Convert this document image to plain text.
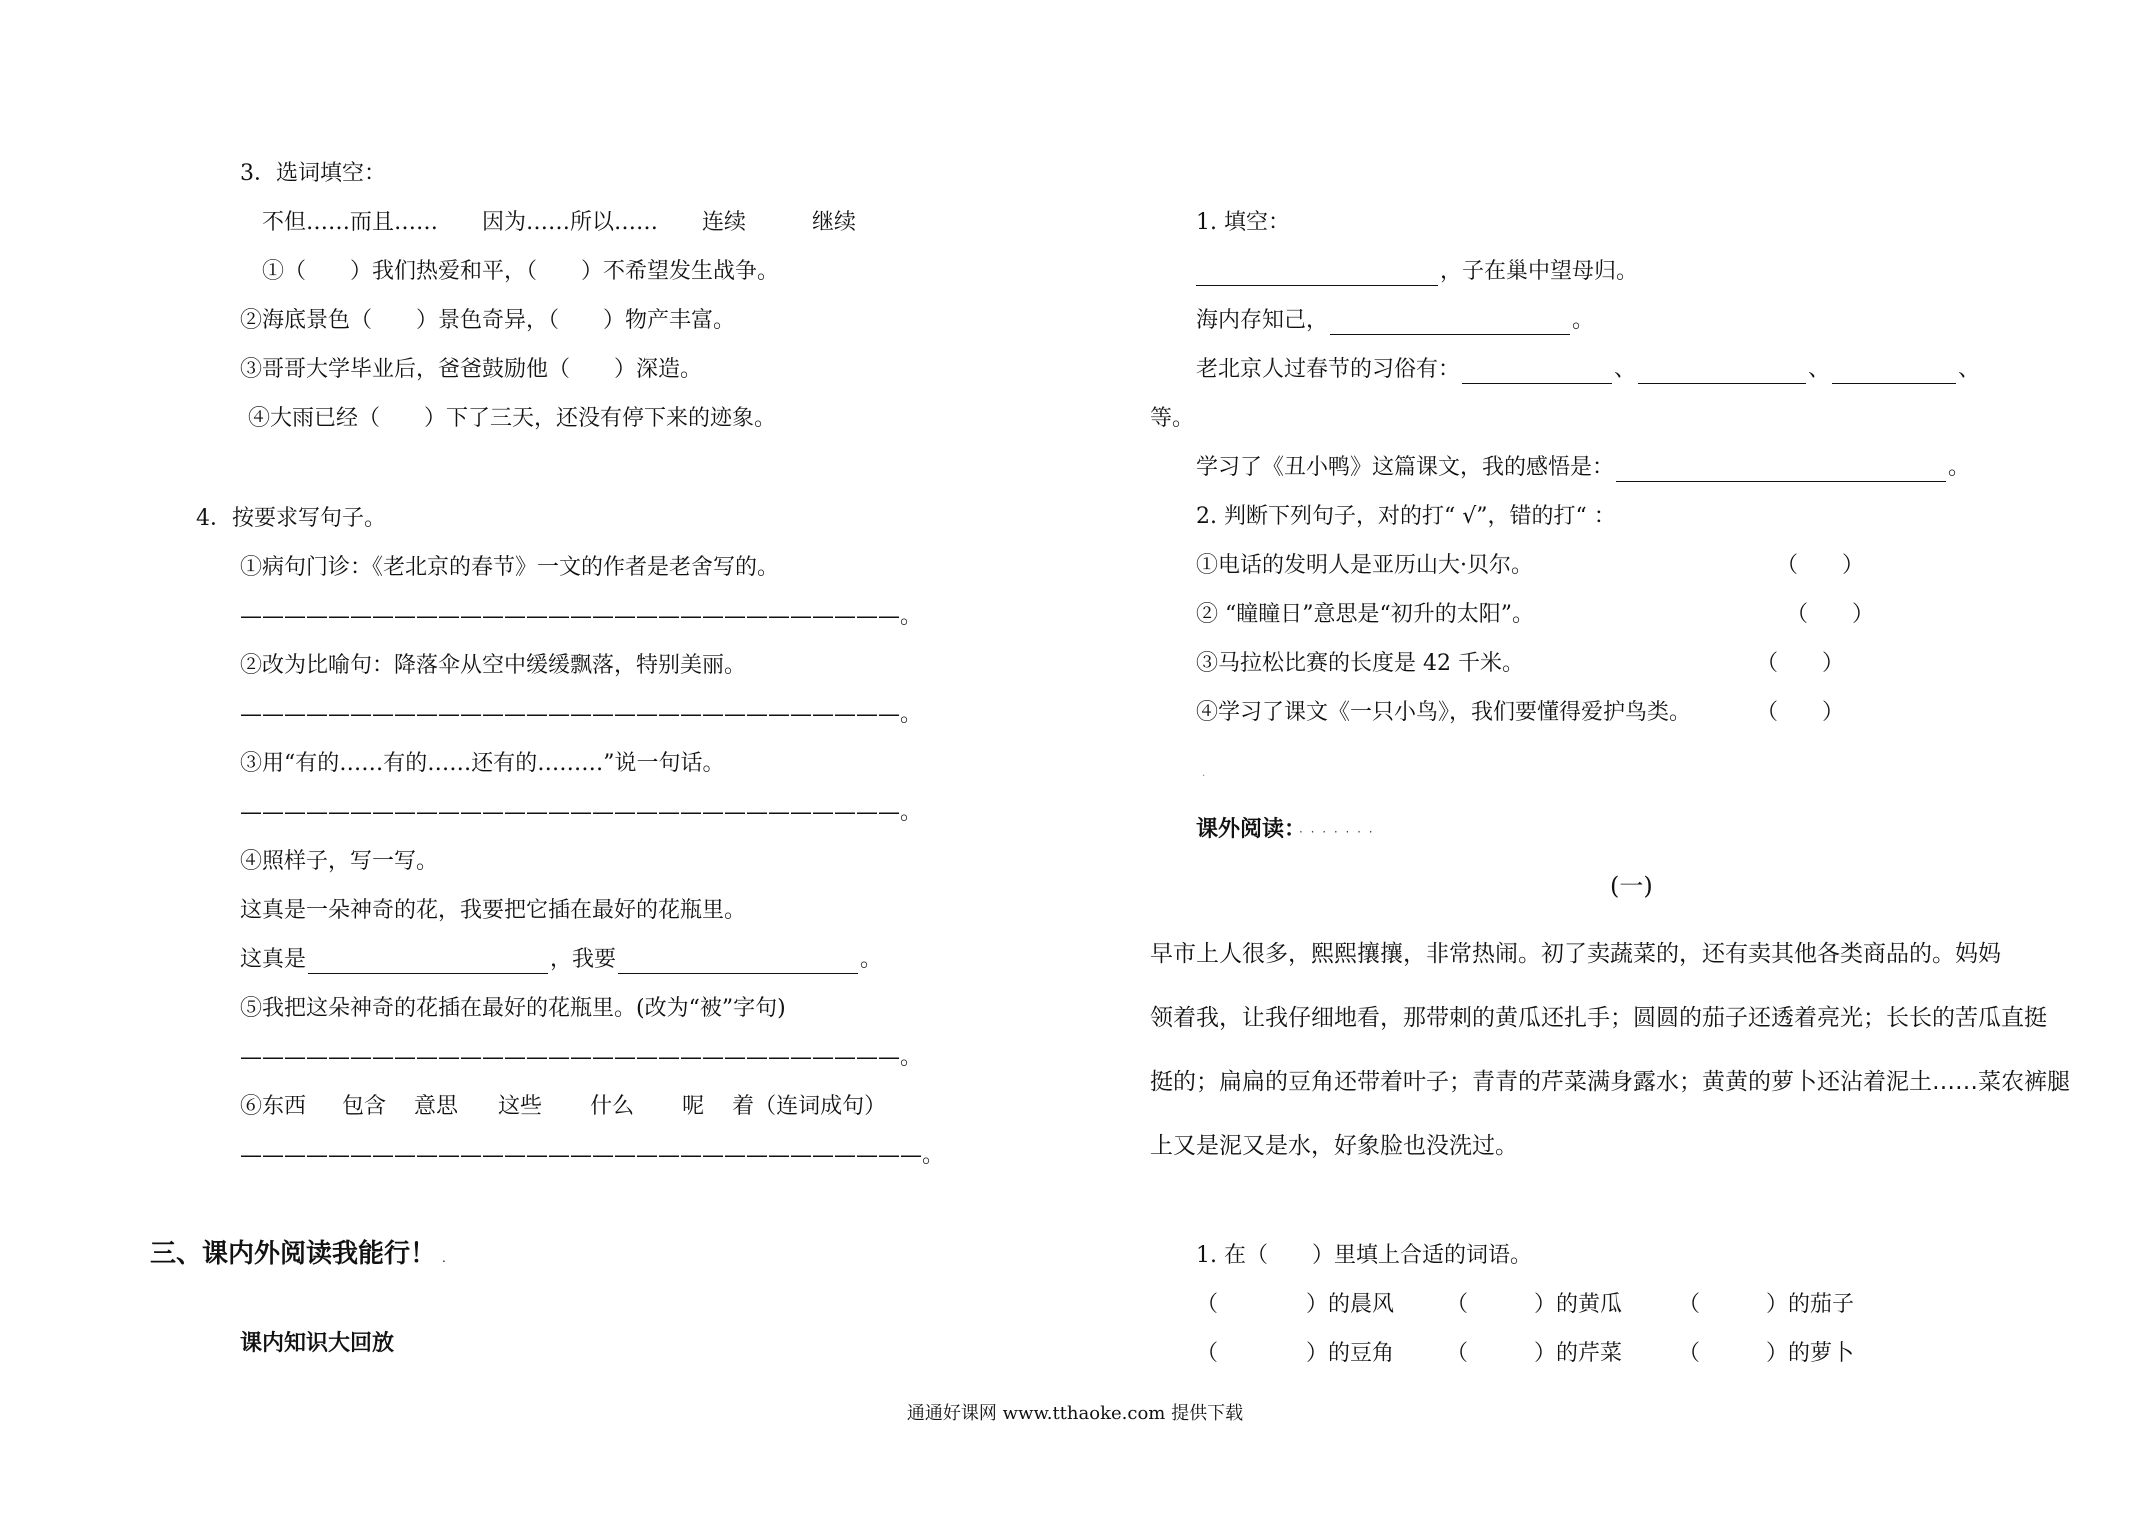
3．选词填空：
不但……而且……　　因为……所以……　　连续　　　继续
①（　　）我们热爱和平，（　　）不希望发生战争。
②海底景色（　　）景色奇异，（　　）物产丰富。
③哥哥大学毕业后，爸爸鼓励他（　　）深造。
④大雨已经（　　）下了三天，还没有停下来的迹象。
4．按要求写句子。
①病句门诊：《老北京的春节》一文的作者是老舍写的。
——————————————————————————————。
②改为比喻句：降落伞从空中缓缓飘落，特别美丽。
——————————————————————————————。
③用“有的……有的……还有的………”说一句话。
——————————————————————————————。
④照样子，写一写。
这真是一朵神奇的花，我要把它插在最好的花瓶里。
这真是	，我要	。
⑤我把这朵神奇的花插在最好的花瓶里。(改为“被”字句)
——————————————————————————————。
⑥东西 包含 意思 这些 什么 呢 着（连词成句）
———————————————————————————————。
三、课内外阅读我能行！ .
课内知识大回放
1. 填空：
，子在巢中望母归。
海内存知己，	。
老北京人过春节的习俗有：	、	、	、
等。
学习了《丑小鸭》这篇课文，我的感悟是：	。
2. 判断下列句子，对的打“ √”，错的打“ ：
①电话的发明人是亚历山大·贝尔。	（　　）
② “瞳瞳日”意思是“初升的太阳”。	（　　）
③马拉松比赛的长度是 42 千米。	（　　）
④学习了课文《一只小鸟》，我们要懂得爱护鸟类。	（　　）
.
课外阅读： · · · · · · ·
(一)
早市上人很多，熙熙攘攘，非常热闹。初了卖蔬菜的，还有卖其他各类商品的。妈妈
领着我，让我仔细地看，那带刺的黄瓜还扎手；圆圆的茄子还透着亮光；长长的苦瓜直挺
挺的；扁扁的豆角还带着叶子；青青的芹菜满身露水；黄黄的萝卜还沾着泥土……菜农裤腿
上又是泥又是水，好象脸也没洗过。
1. 在（　　）里填上合适的词语。
（　　　　）的晨风 （　　　）的黄瓜	（　　　）的茄子
（　　　　）的豆角 （　　　）的芹菜	（　　　）的萝卜
通通好课网 www.tthaoke.com 提供下载
